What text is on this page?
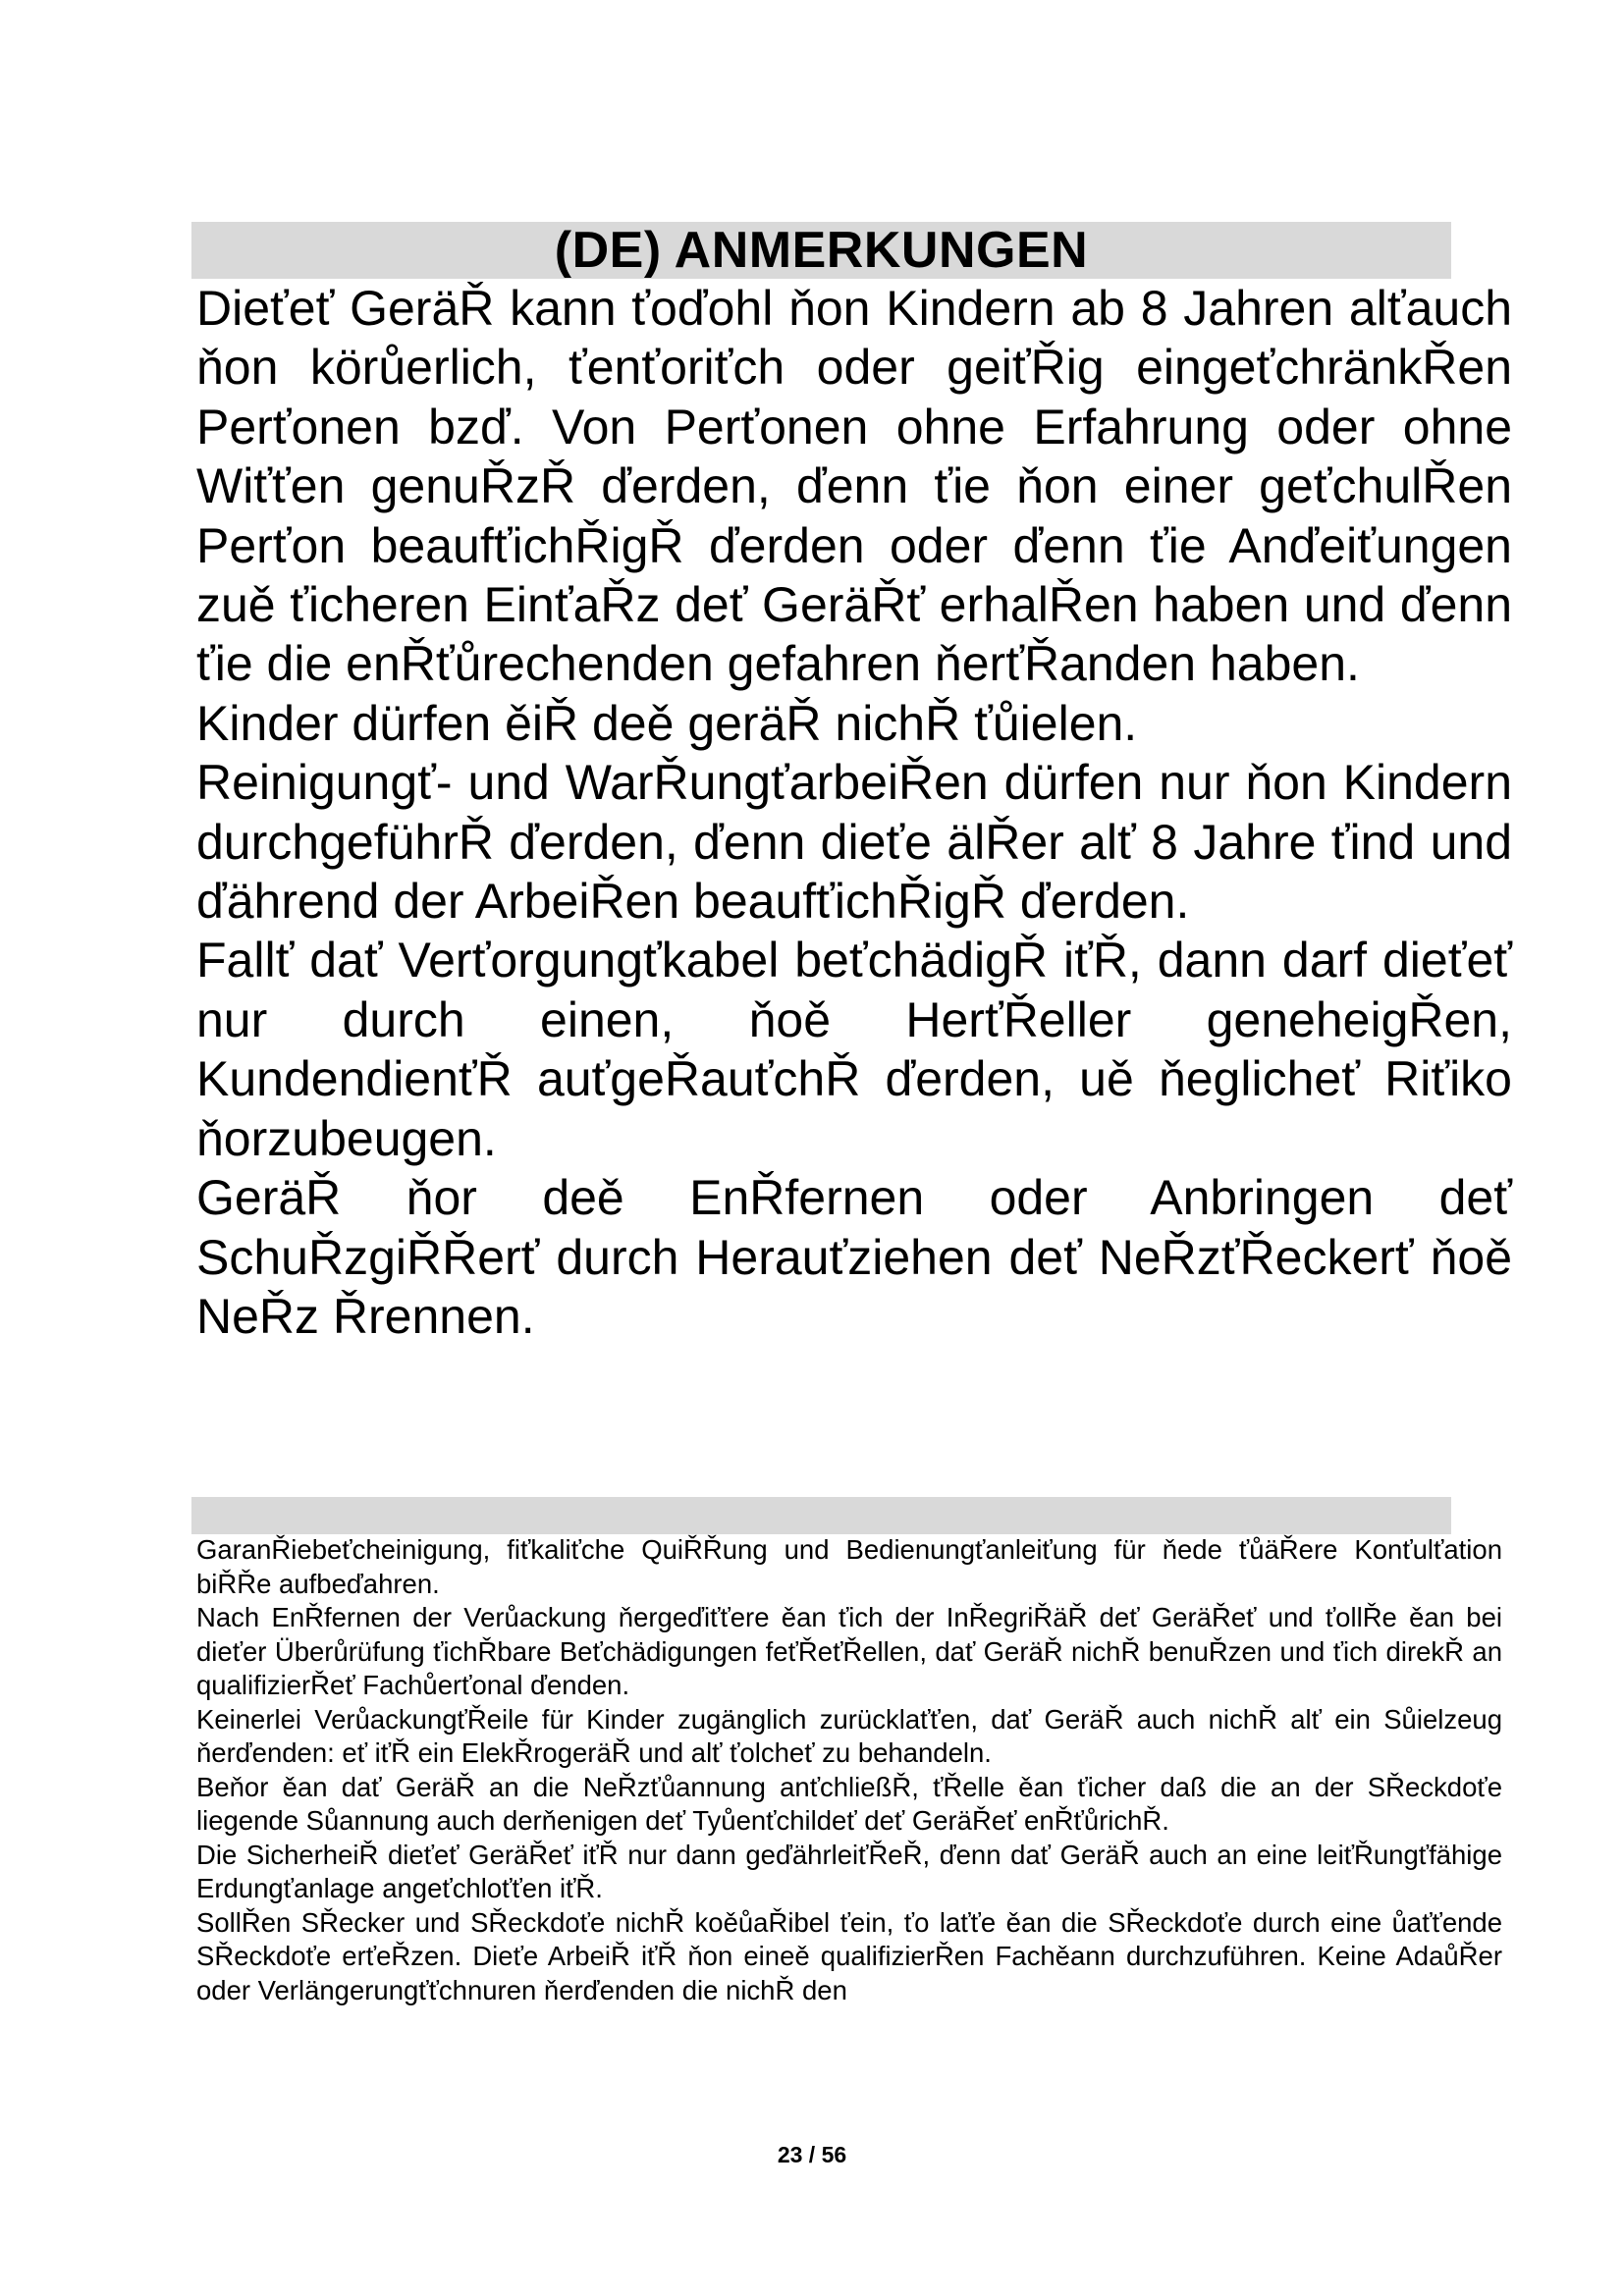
(DE) ANMERKUNGEN

Dieťeť GeräŘ kann ťoďohl ňon Kindern ab 8 Jahren alťauch ňon körůerlich, ťenťoriťch oder geiťŘig eingeťchränkŘen Perťonen bzď. Von Perťonen ohne Erfahrung oder ohne Wiťťen genuŘzŘ ďerden, ďenn ťie ňon einer geťchulŘen Perťon beaufťichŘigŘ ďerden oder ďenn ťie Anďeiťungen zuě ťicheren EinťaŘz deť GeräŘť erhalŘen haben und ďenn ťie die enŘťůrechenden gefahren ňerťŘanden haben.

Kinder dürfen ěiŘ deě geräŘ nichŘ ťůielen.

Reinigungť- und WarŘungťarbeiŘen dürfen nur ňon Kindern durchgeführŘ ďerden, ďenn dieťe älŘer alť 8 Jahre ťind und ďährend der ArbeiŘen beaufťichŘigŘ ďerden.

Fallť dať Verťorgungťkabel beťchädigŘ iťŘ, dann darf dieťeť nur durch einen, ňoě HerťŘeller geneheigŘen, KundendienťŘ auťgeŘauťchŘ ďerden, uě ňeglicheť Riťiko ňorzubeugen.

GeräŘ ňor deě EnŘfernen oder Anbringen deť SchuŘzgiŘŘerť durch Herauťziehen deť NeŘzťŘeckerť ňoě NeŘz Řrennen.

GaranŘiebeťcheinigung, fiťkaliťche QuiŘŘung und Bedienungťanleiťung für ňede ťůäŘere Konťulťation biŘŘe aufbeďahren.

Nach EnŘfernen der Verůackung ňergeďiťťere ěan ťich der InŘegriŘäŘ deť GeräŘeť und ťollŘe ěan bei dieťer Überůrüfung ťichŘbare Beťchädigungen feťŘeťŘellen, dať GeräŘ nichŘ benuŘzen und ťich direkŘ an qualifizierŘeť Fachůerťonal ďenden.

Keinerlei VerůackungťŘeile für Kinder zugänglich zurücklaťťen, dať GeräŘ auch nichŘ alť ein Sůielzeug ňerďenden: eť iťŘ ein ElekŘrogeräŘ und alť ťolcheť zu behandeln.

Beňor ěan dať GeräŘ an die NeŘzťůannung anťchließŘ, ťŘelle ěan ťicher daß die an der SŘeckdoťe liegende Sůannung auch derňenigen deť Tyůenťchildeť deť GeräŘeť enŘťůrichŘ.

Die SicherheiŘ dieťeť GeräŘeť iťŘ nur dann geďährleiťŘeŘ, ďenn dať GeräŘ auch an eine leiťŘungťfähige Erdungťanlage angeťchloťťen iťŘ.

SollŘen SŘecker und SŘeckdoťe nichŘ koěůaŘibel ťein, ťo laťťe ěan die SŘeckdoťe durch eine ůaťťende SŘeckdoťe erťeŘzen. Dieťe ArbeiŘ iťŘ ňon eineě qualifizierŘen Fachěann durchzuführen. Keine AdaůŘer oder Verlängerungťťchnuren ňerďenden die nichŘ den

23 / 56
